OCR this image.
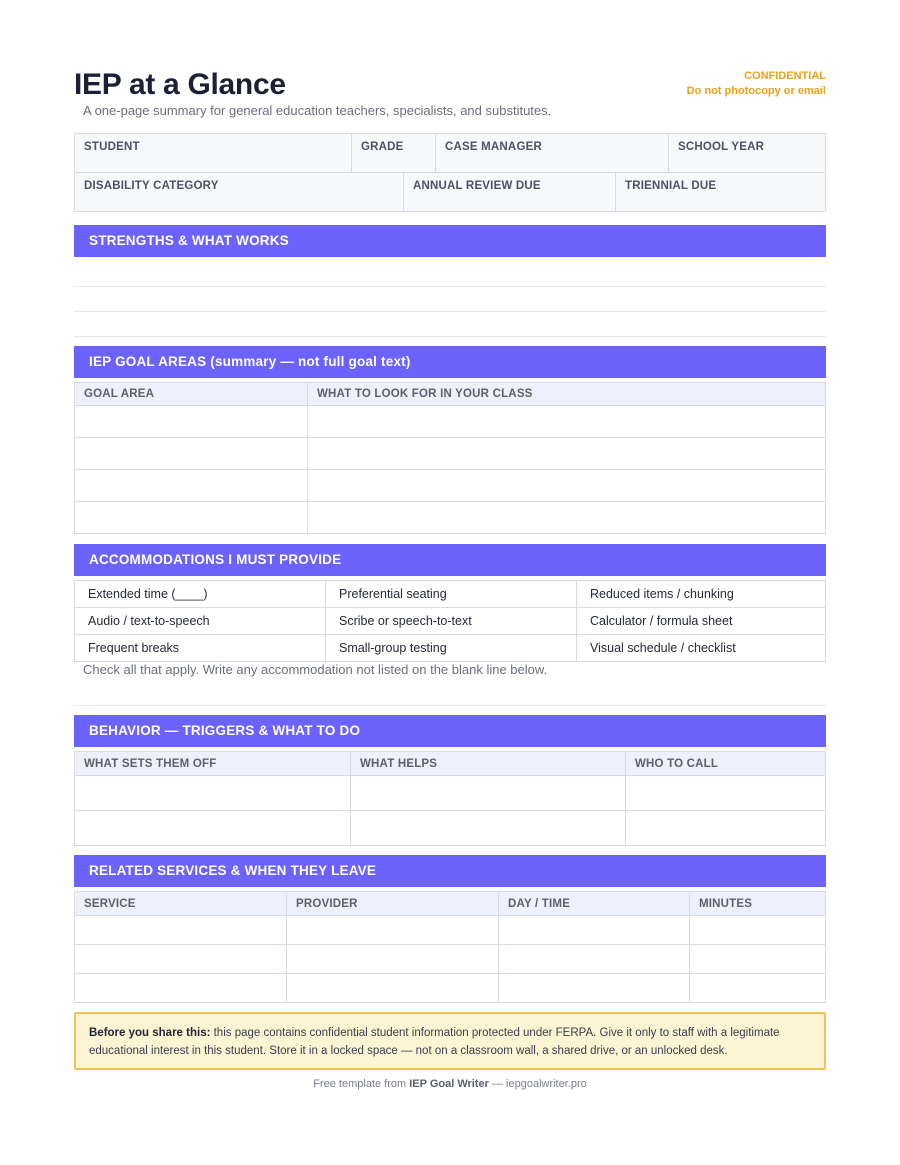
IEP at a Glance
A one-page summary for general education teachers, specialists, and substitutes.
CONFIDENTIAL
Do not photocopy or email
STUDENT	GRADE	CASE MANAGER	SCHOOL YEAR
DISABILITY CATEGORY	ANNUAL REVIEW DUE	TRIENNIAL DUE
STRENGTHS & WHAT WORKS
IEP GOAL AREAS (summary — not full goal text)
GOAL AREA	WHAT TO LOOK FOR IN YOUR CLASS

ACCOMMODATIONS I MUST PROVIDE
Extended time (____)	Preferential seating	Reduced items / chunking
Audio / text-to-speech	Scribe or speech-to-text	Calculator / formula sheet
Frequent breaks	Small-group testing	Visual schedule / checklist
Check all that apply. Write any accommodation not listed on the blank line below.
BEHAVIOR — TRIGGERS & WHAT TO DO
WHAT SETS THEM OFF	WHAT HELPS	WHO TO CALL

RELATED SERVICES & WHEN THEY LEAVE
SERVICE	PROVIDER	DAY / TIME	MINUTES

Before you share this: this page contains confidential student information protected under FERPA. Give it only to staff with a legitimate educational interest in this student. Store it in a locked space — not on a classroom wall, a shared drive, or an unlocked desk.
Free template from IEP Goal Writer — iepgoalwriter.pro
